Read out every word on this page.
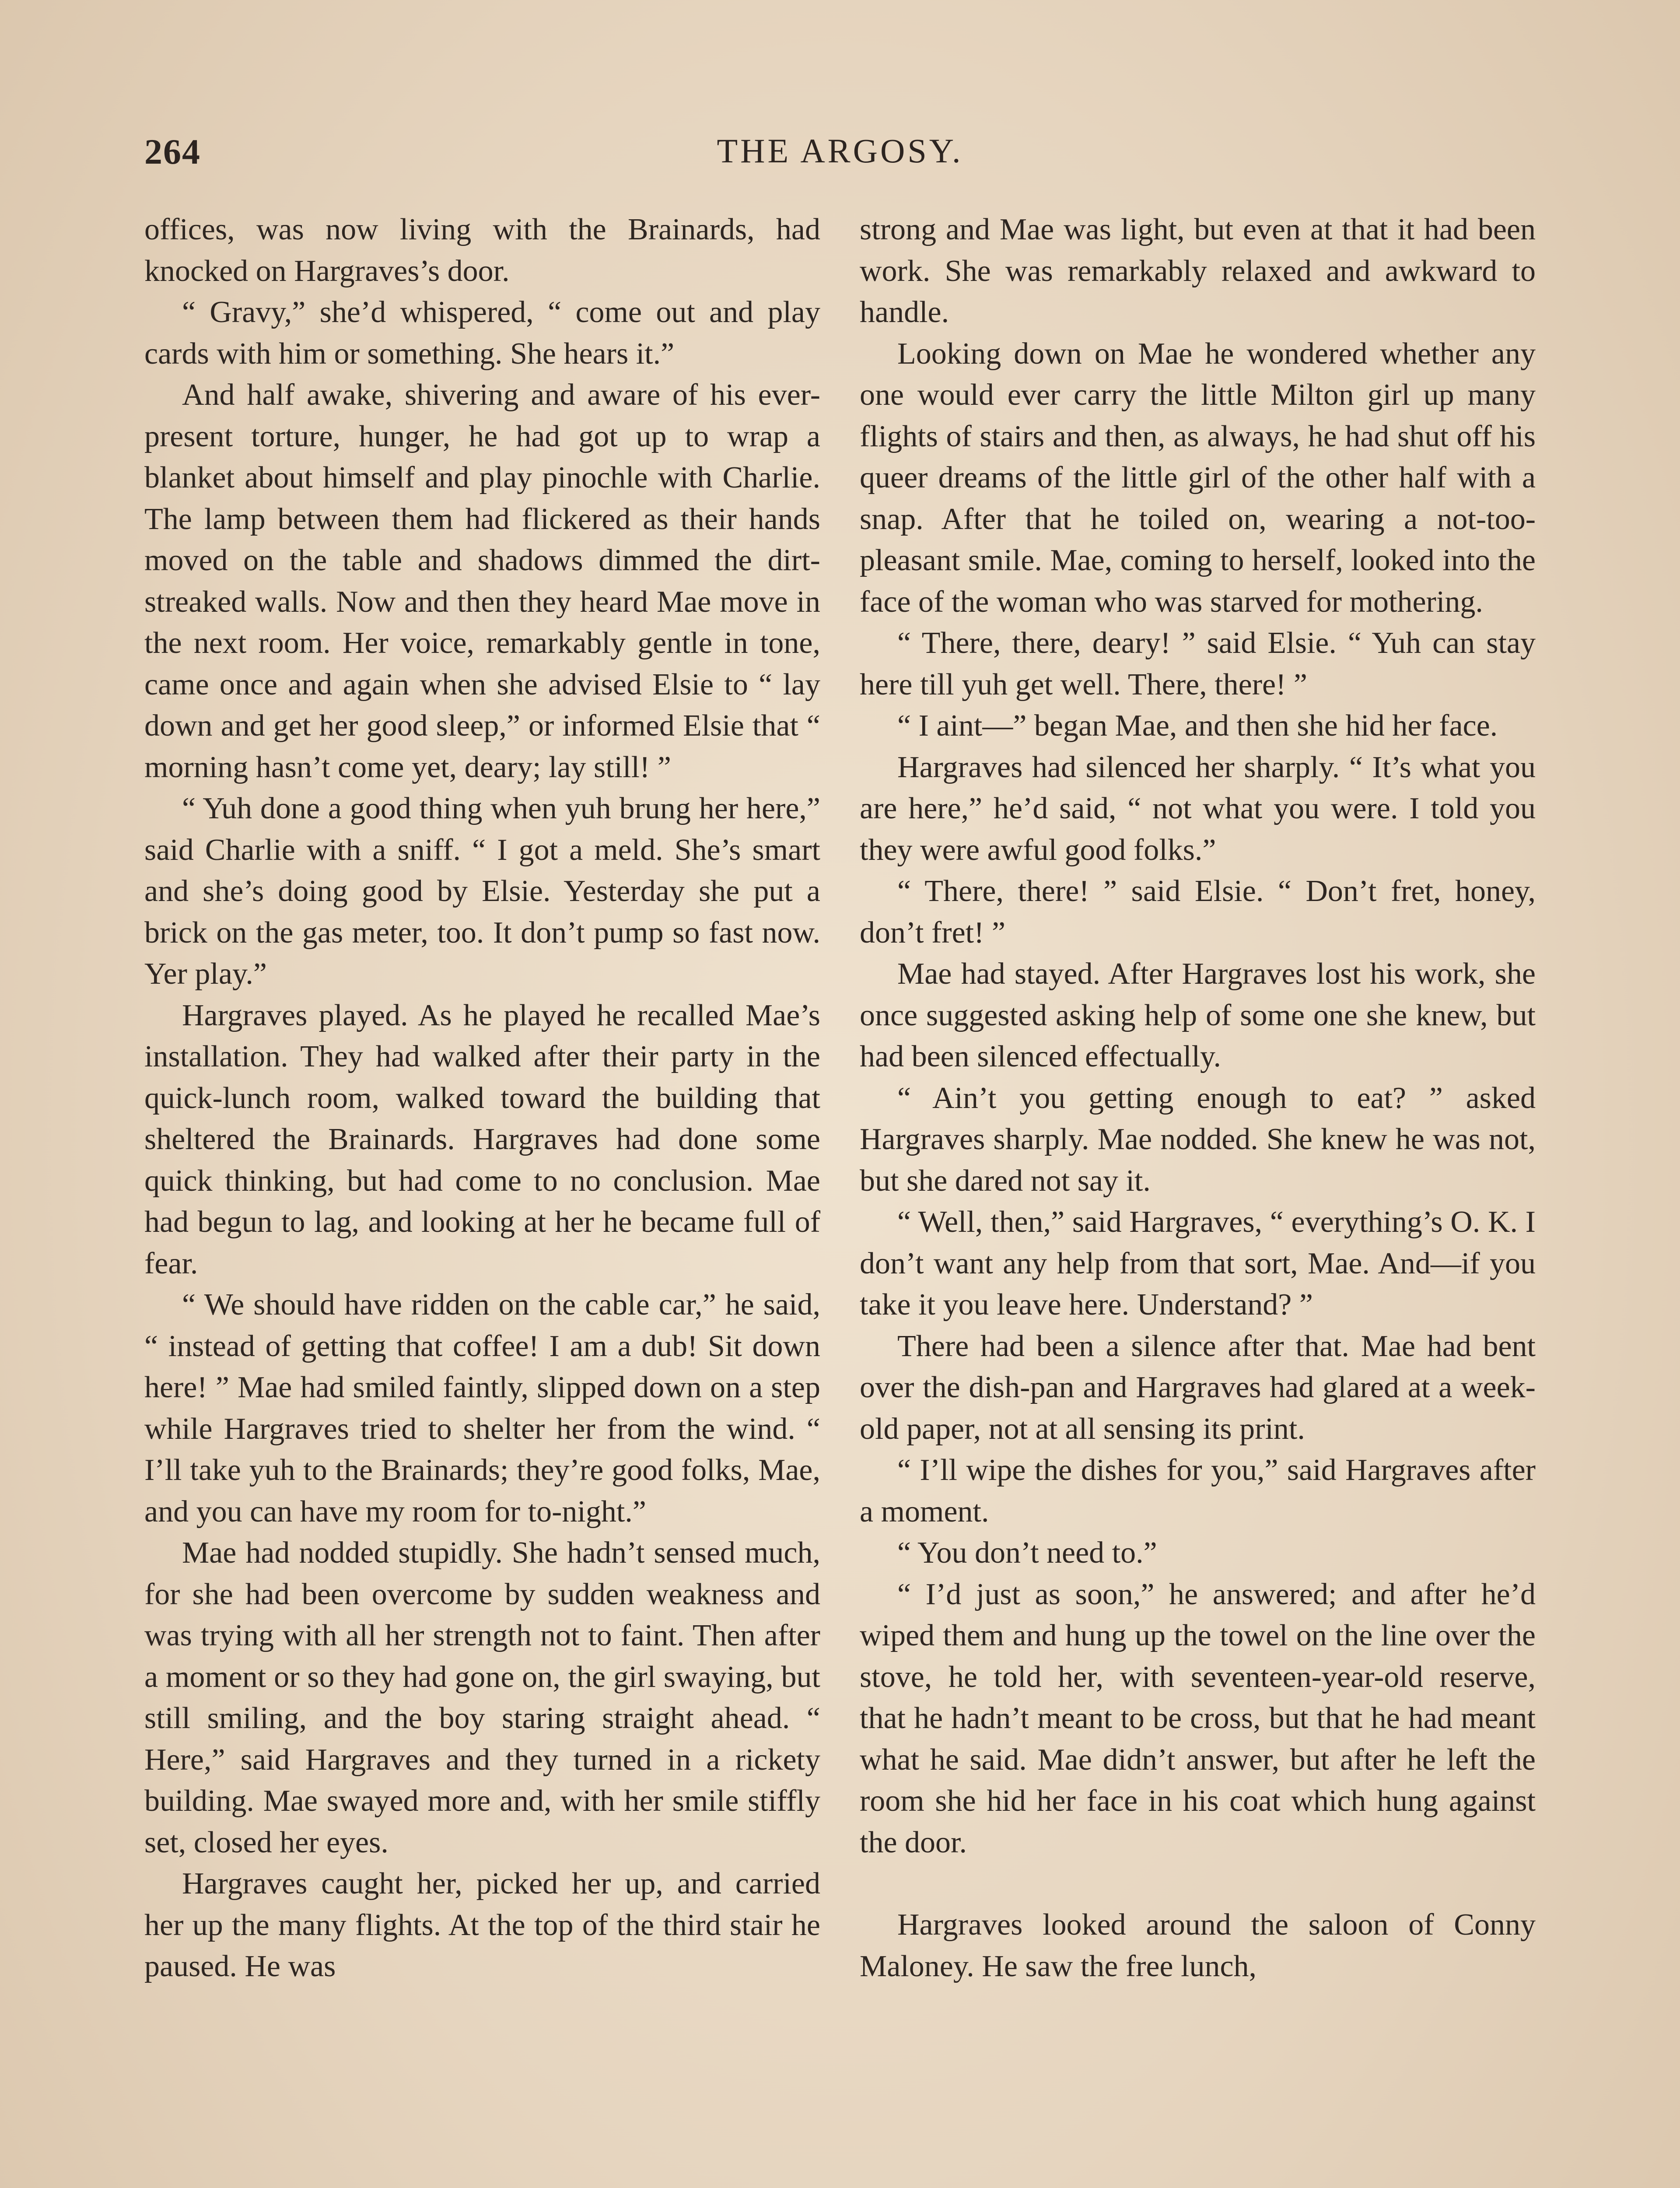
264	THE ARGOSY.

offices, was now living with the Brainards, had knocked on Hargraves’s door.

“ Gravy,” she’d whispered, “ come out and play cards with him or something. She hears it.”

And half awake, shivering and aware of his ever-present torture, hunger, he had got up to wrap a blanket about himself and play pinochle with Charlie. The lamp between them had flickered as their hands moved on the table and shadows dimmed the dirt-streaked walls. Now and then they heard Mae move in the next room. Her voice, remarkably gentle in tone, came once and again when she advised Elsie to “ lay down and get her good sleep,” or informed Elsie that “ morning hasn’t come yet, deary; lay still! ”

“ Yuh done a good thing when yuh brung her here,” said Charlie with a sniff. “ I got a meld. She’s smart and she’s doing good by Elsie. Yesterday she put a brick on the gas meter, too. It don’t pump so fast now. Yer play.”

Hargraves played. As he played he recalled Mae’s installation. They had walked after their party in the quick-lunch room, walked toward the building that sheltered the Brainards. Hargraves had done some quick thinking, but had come to no conclusion. Mae had begun to lag, and looking at her he became full of fear.

“ We should have ridden on the cable car,” he said, “ instead of getting that coffee! I am a dub! Sit down here! ” Mae had smiled faintly, slipped down on a step while Hargraves tried to shelter her from the wind. “ I’ll take yuh to the Brainards; they’re good folks, Mae, and you can have my room for to-night.”

Mae had nodded stupidly. She hadn’t sensed much, for she had been overcome by sudden weakness and was trying with all her strength not to faint. Then after a moment or so they had gone on, the girl swaying, but still smiling, and the boy staring straight ahead. “ Here,” said Hargraves and they turned in a rickety building. Mae swayed more and, with her smile stiffly set, closed her eyes.

Hargraves caught her, picked her up, and carried her up the many flights. At the top of the third stair he paused. He was

strong and Mae was light, but even at that it had been work. She was remarkably relaxed and awkward to handle.

Looking down on Mae he wondered whether any one would ever carry the little Milton girl up many flights of stairs and then, as always, he had shut off his queer dreams of the little girl of the other half with a snap. After that he toiled on, wearing a not-too-pleasant smile. Mae, coming to herself, looked into the face of the woman who was starved for mothering.

“ There, there, deary! ” said Elsie. “ Yuh can stay here till yuh get well. There, there! ”

“ I aint—” began Mae, and then she hid her face.

Hargraves had silenced her sharply. “ It’s what you are here,” he’d said, “ not what you were. I told you they were awful good folks.”

“ There, there! ” said Elsie. “ Don’t fret, honey, don’t fret! ”

Mae had stayed. After Hargraves lost his work, she once suggested asking help of some one she knew, but had been silenced effectually.

“ Ain’t you getting enough to eat? ” asked Hargraves sharply. Mae nodded. She knew he was not, but she dared not say it.

“ Well, then,” said Hargraves, “ everything’s O. K. I don’t want any help from that sort, Mae. And—if you take it you leave here. Understand? ”

There had been a silence after that. Mae had bent over the dish-pan and Hargraves had glared at a week-old paper, not at all sensing its print.

“ I’ll wipe the dishes for you,” said Hargraves after a moment.

“ You don’t need to.”

“ I’d just as soon,” he answered; and after he’d wiped them and hung up the towel on the line over the stove, he told her, with seventeen-year-old reserve, that he hadn’t meant to be cross, but that he had meant what he said. Mae didn’t answer, but after he left the room she hid her face in his coat which hung against the door.

Hargraves looked around the saloon of Conny Maloney. He saw the free lunch,
